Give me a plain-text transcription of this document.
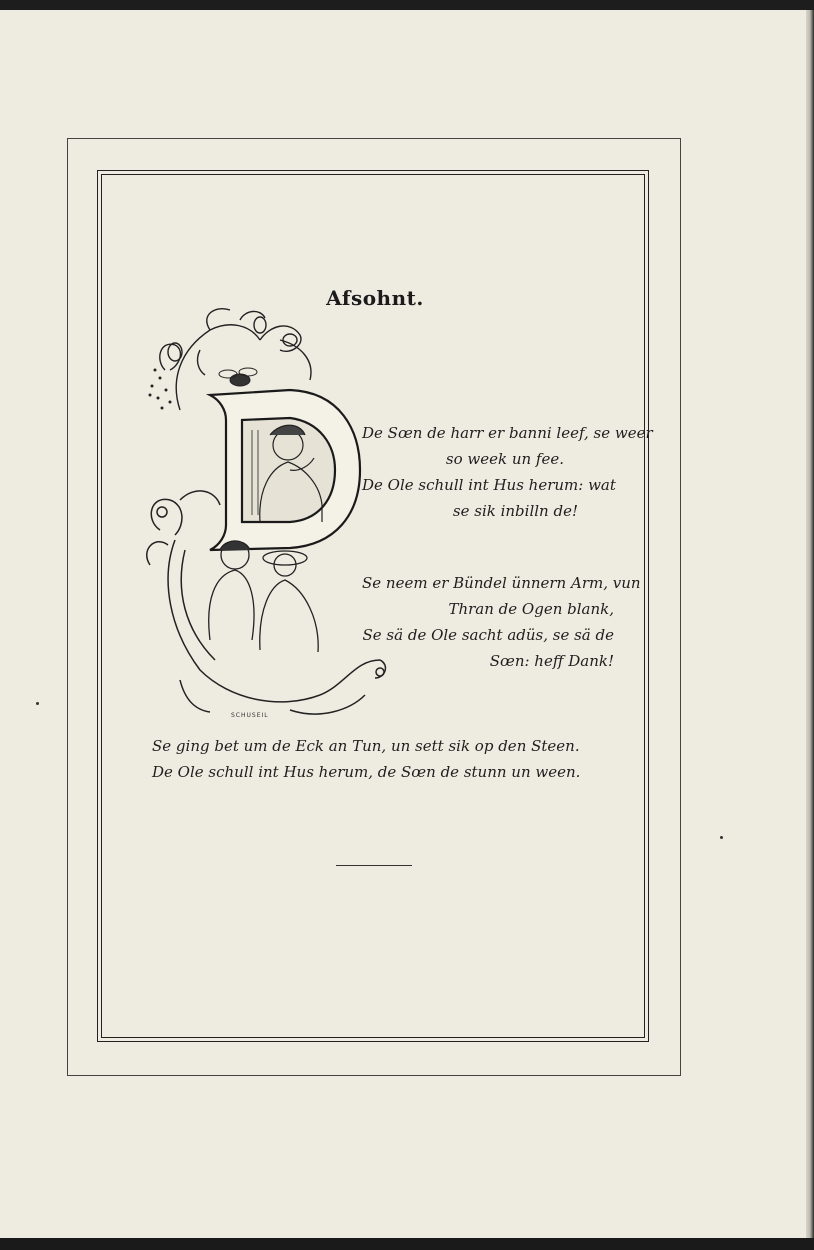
Afsohnt.
SCHUSEIL
De Sœn de harr er banni leef, se weer
so week un fee.
De Ole schull int Hus herum: wat
se sik inbilln de!
Se neem er Bündel ünnern Arm, vun
Thran de Ogen blank,
Se sä de Ole sacht adüs, se sä de
Sœn: heff Dank!
Se ging bet um de Eck an Tun, un sett sik op den Steen.
De Ole schull int Hus herum, de Sœn de stunn un ween.
